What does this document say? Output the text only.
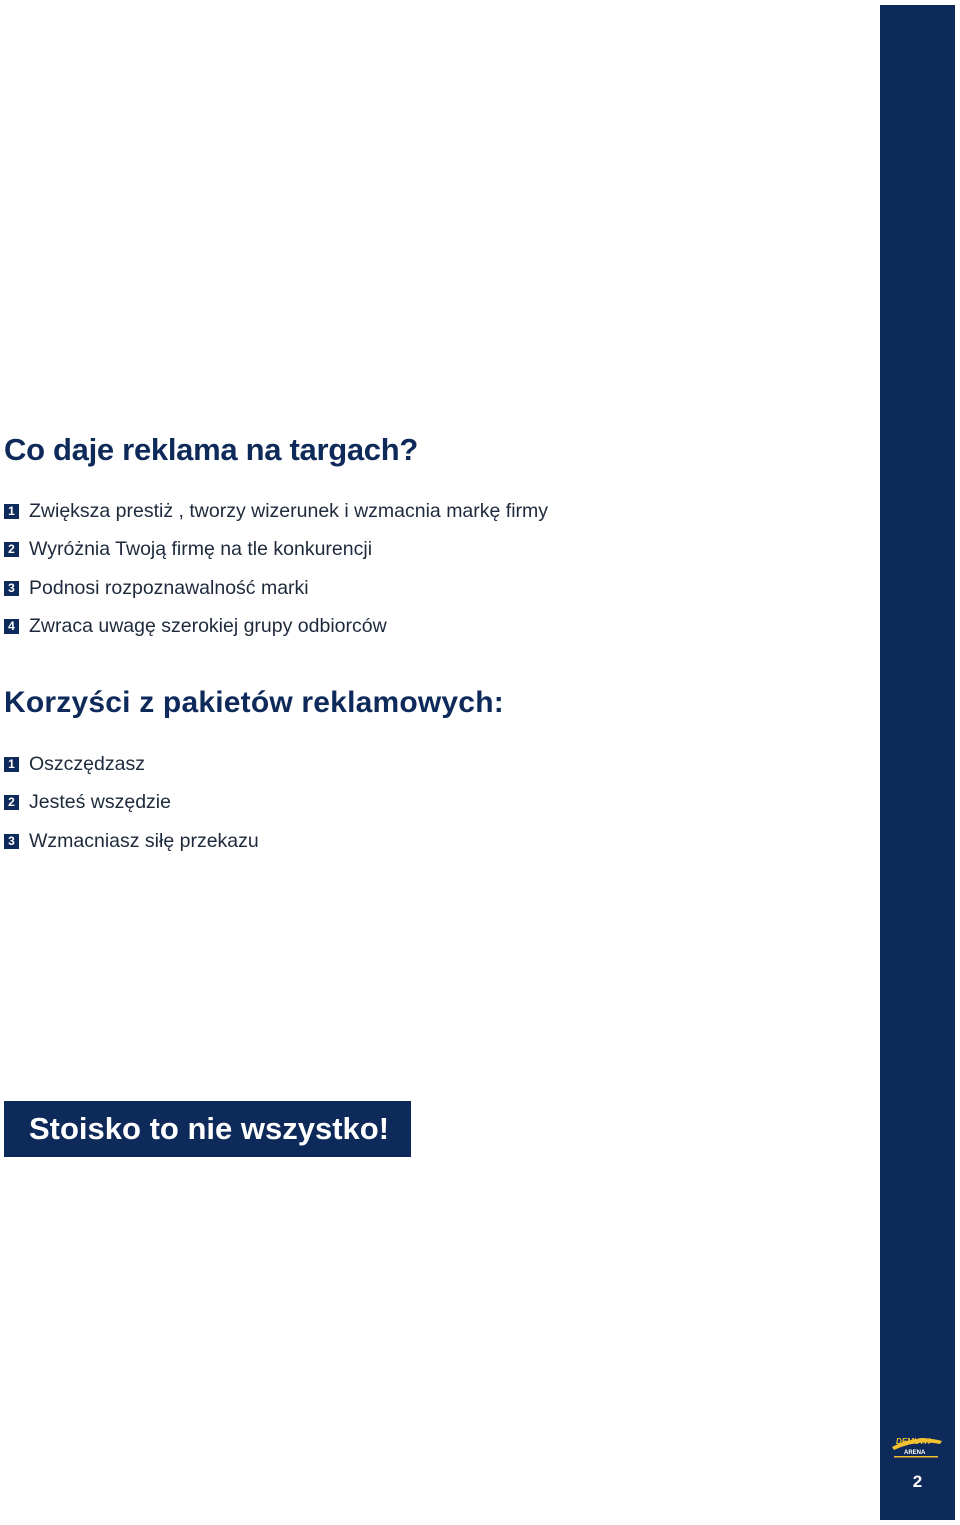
Co daje reklama na targach?
1 Zwiększa prestiż , tworzy wizerunek i wzmacnia markę firmy
2 Wyróżnia Twoją firmę na tle konkurencji
3 Podnosi rozpoznawalność marki
4 Zwraca uwagę szerokiej grupy odbiorców
Korzyści z pakietów reklamowych:
1 Oszczędzasz
2 Jesteś wszędzie
3 Wzmacniasz siłę przekazu
Stoisko to nie wszystko!
DEMUTH
ARENA
2
